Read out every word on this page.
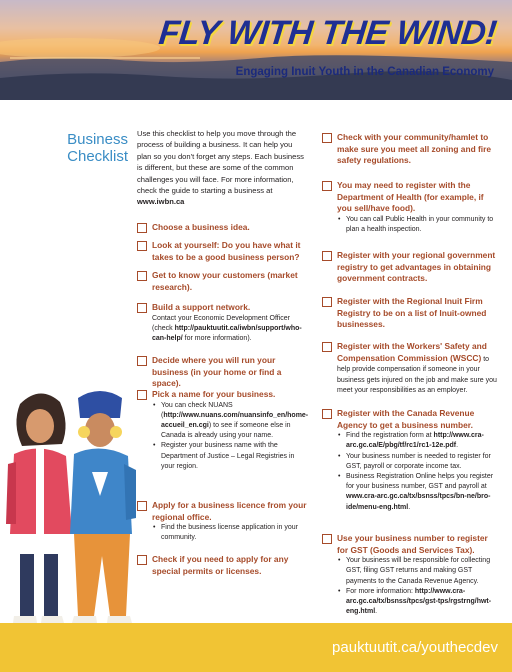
FLY WITH THE WIND!
Engaging Inuit Youth in the Canadian Economy
Business
Checklist
Use this checklist to help you move through the process of building a business. It can help you plan so you don't forget any steps. Each business is different, but these are some of the common challenges you will face. For more information, check the guide to starting a business at www.iwbn.ca
Choose a business idea.
Look at yourself: Do you have what it takes to be a good business person?
Get to know your customers (market research).
Build a support network.
Contact your Economic Development Officer (check http://pauktuutit.ca/iwbn/support/who-can-help/ for more information).
Decide where you will run your business (in your home or find a space).
Pick a name for your business.
• You can check NUANS (http://www.nuans.com/nuansinfo_en/home-accueil_en.cgi) to see if someone else in Canada is already using your name.
• Register your business name with the Department of Justice – Legal Registries in your region.
Apply for a business licence from your regional office.
• Find the business license application in your community.
Check if you need to apply for any special permits or licenses.
Check with your community/hamlet to make sure you meet all zoning and fire safety regulations.
You may need to register with the Department of Health (for example, if you sell/have food).
• You can call Public Health in your community to plan a health inspection.
Register with your regional government registry to get advantages in obtaining government contracts.
Register with the Regional Inuit Firm Registry to be on a list of Inuit-owned businesses.
Register with the Workers' Safety and Compensation Commission (WSCC) to help provide compensation if someone in your business gets injured on the job and make sure you meet your responsibilities as an employer.
Register with the Canada Revenue Agency to get a business number.
• Find the registration form at http://www.cra-arc.gc.ca/E/pbg/tf/rc1/rc1-12e.pdf.
• Your business number is needed to register for GST, payroll or corporate income tax.
• Business Registration Online helps you register for your business number, GST and payroll at www.cra-arc.gc.ca/tx/bsnss/tpcs/bn-ne/bro-ide/menu-eng.html.
Use your business number to register for GST (Goods and Services Tax).
• Your business will be responsible for collecting GST, filing GST returns and making GST payments to the Canada Revenue Agency.
• For more information: http://www.cra-arc.gc.ca/tx/bsnss/tpcs/gst-tps/rgstrng/hwt-eng.html.
pauktuutit.ca/youthecdev
